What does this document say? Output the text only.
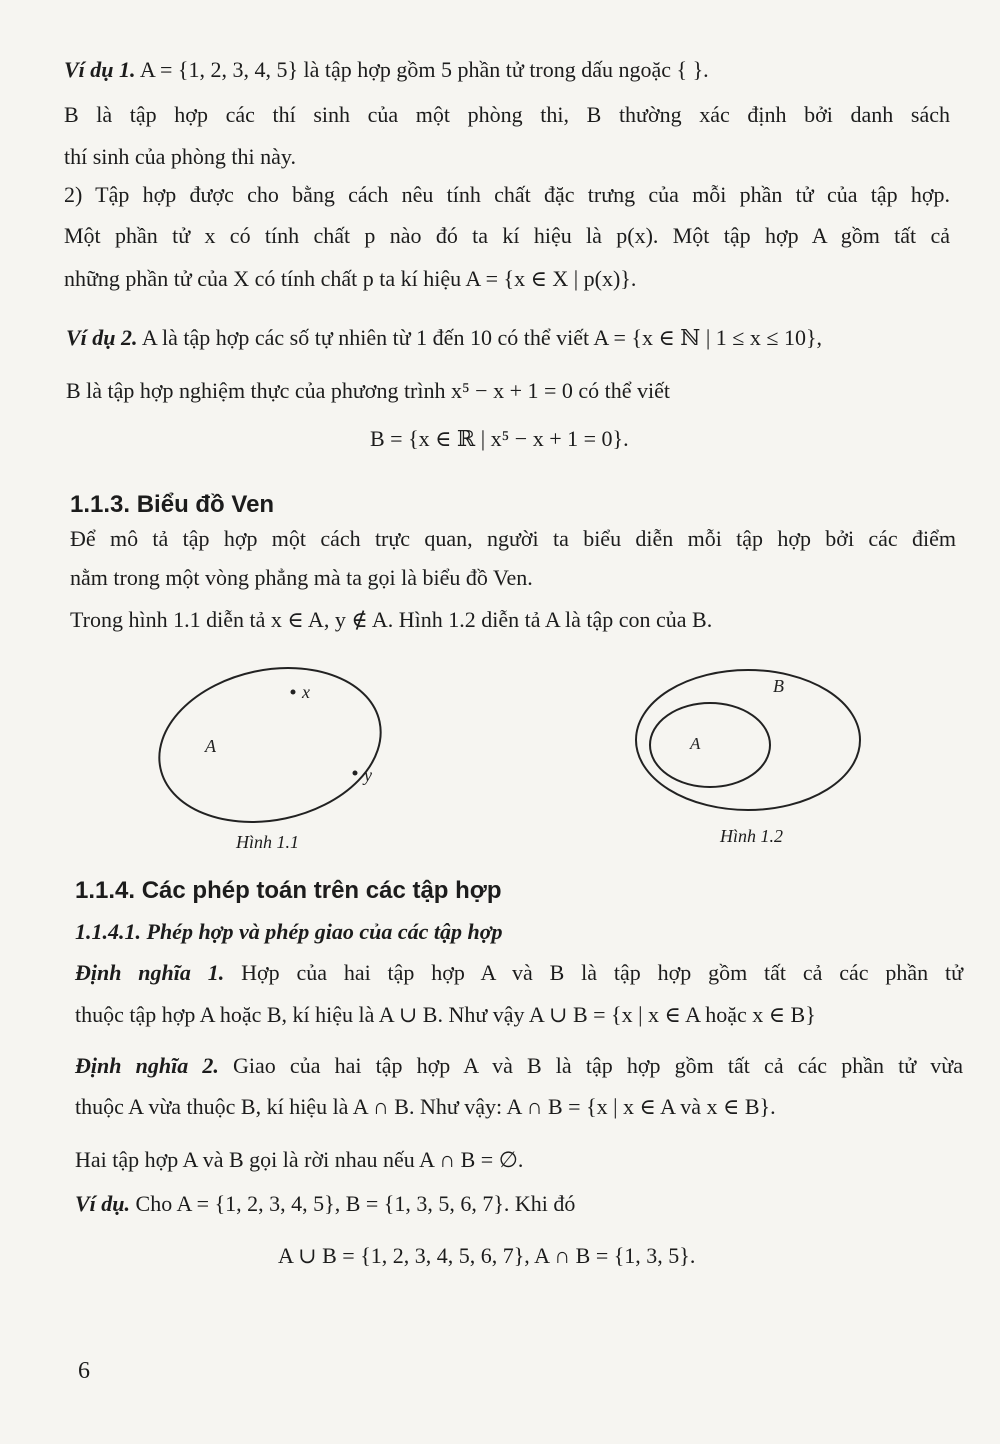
Ví dụ 1. A = {1, 2, 3, 4, 5} là tập hợp gồm 5 phần tử trong dấu ngoặc { }.
B là tập hợp các thí sinh của một phòng thi, B thường xác định bởi danh sách
thí sinh của phòng thi này.
2) Tập hợp được cho bằng cách nêu tính chất đặc trưng của mỗi phần tử của tập hợp.
Một phần tử x có tính chất p nào đó ta kí hiệu là p(x). Một tập hợp A gồm tất cả
những phần tử của X có tính chất p ta kí hiệu A = {x ∈ X | p(x)}.
Ví dụ 2. A là tập hợp các số tự nhiên từ 1 đến 10 có thể viết A = {x ∈ ℕ | 1 ≤ x ≤ 10},
B là tập hợp nghiệm thực của phương trình x⁵ − x + 1 = 0 có thể viết
B = {x ∈ ℝ | x⁵ − x + 1 = 0}.
1.1.3. Biểu đồ Ven
Để mô tả tập hợp một cách trực quan, người ta biểu diễn mỗi tập hợp bởi các điểm
nằm trong một vòng phẳng mà ta gọi là biểu đồ Ven.
Trong hình 1.1 diễn tả x ∈ A, y ∉ A. Hình 1.2 diễn tả A là tập con của B.
x
y
A
Hình 1.1
B
A
Hình 1.2
1.1.4. Các phép toán trên các tập hợp
1.1.4.1. Phép hợp và phép giao của các tập hợp
Định nghĩa 1. Hợp của hai tập hợp A và B là tập hợp gồm tất cả các phần tử
thuộc tập hợp A hoặc B, kí hiệu là A ∪ B. Như vậy A ∪ B = {x | x ∈ A hoặc x ∈ B}
Định nghĩa 2. Giao của hai tập hợp A và B là tập hợp gồm tất cả các phần tử vừa
thuộc A vừa thuộc B, kí hiệu là A ∩ B. Như vậy: A ∩ B = {x | x ∈ A và x ∈ B}.
Hai tập hợp A và B gọi là rời nhau nếu A ∩ B = ∅.
Ví dụ. Cho A = {1, 2, 3, 4, 5}, B = {1, 3, 5, 6, 7}. Khi đó
A ∪ B = {1, 2, 3, 4, 5, 6, 7}, A ∩ B = {1, 3, 5}.
6
